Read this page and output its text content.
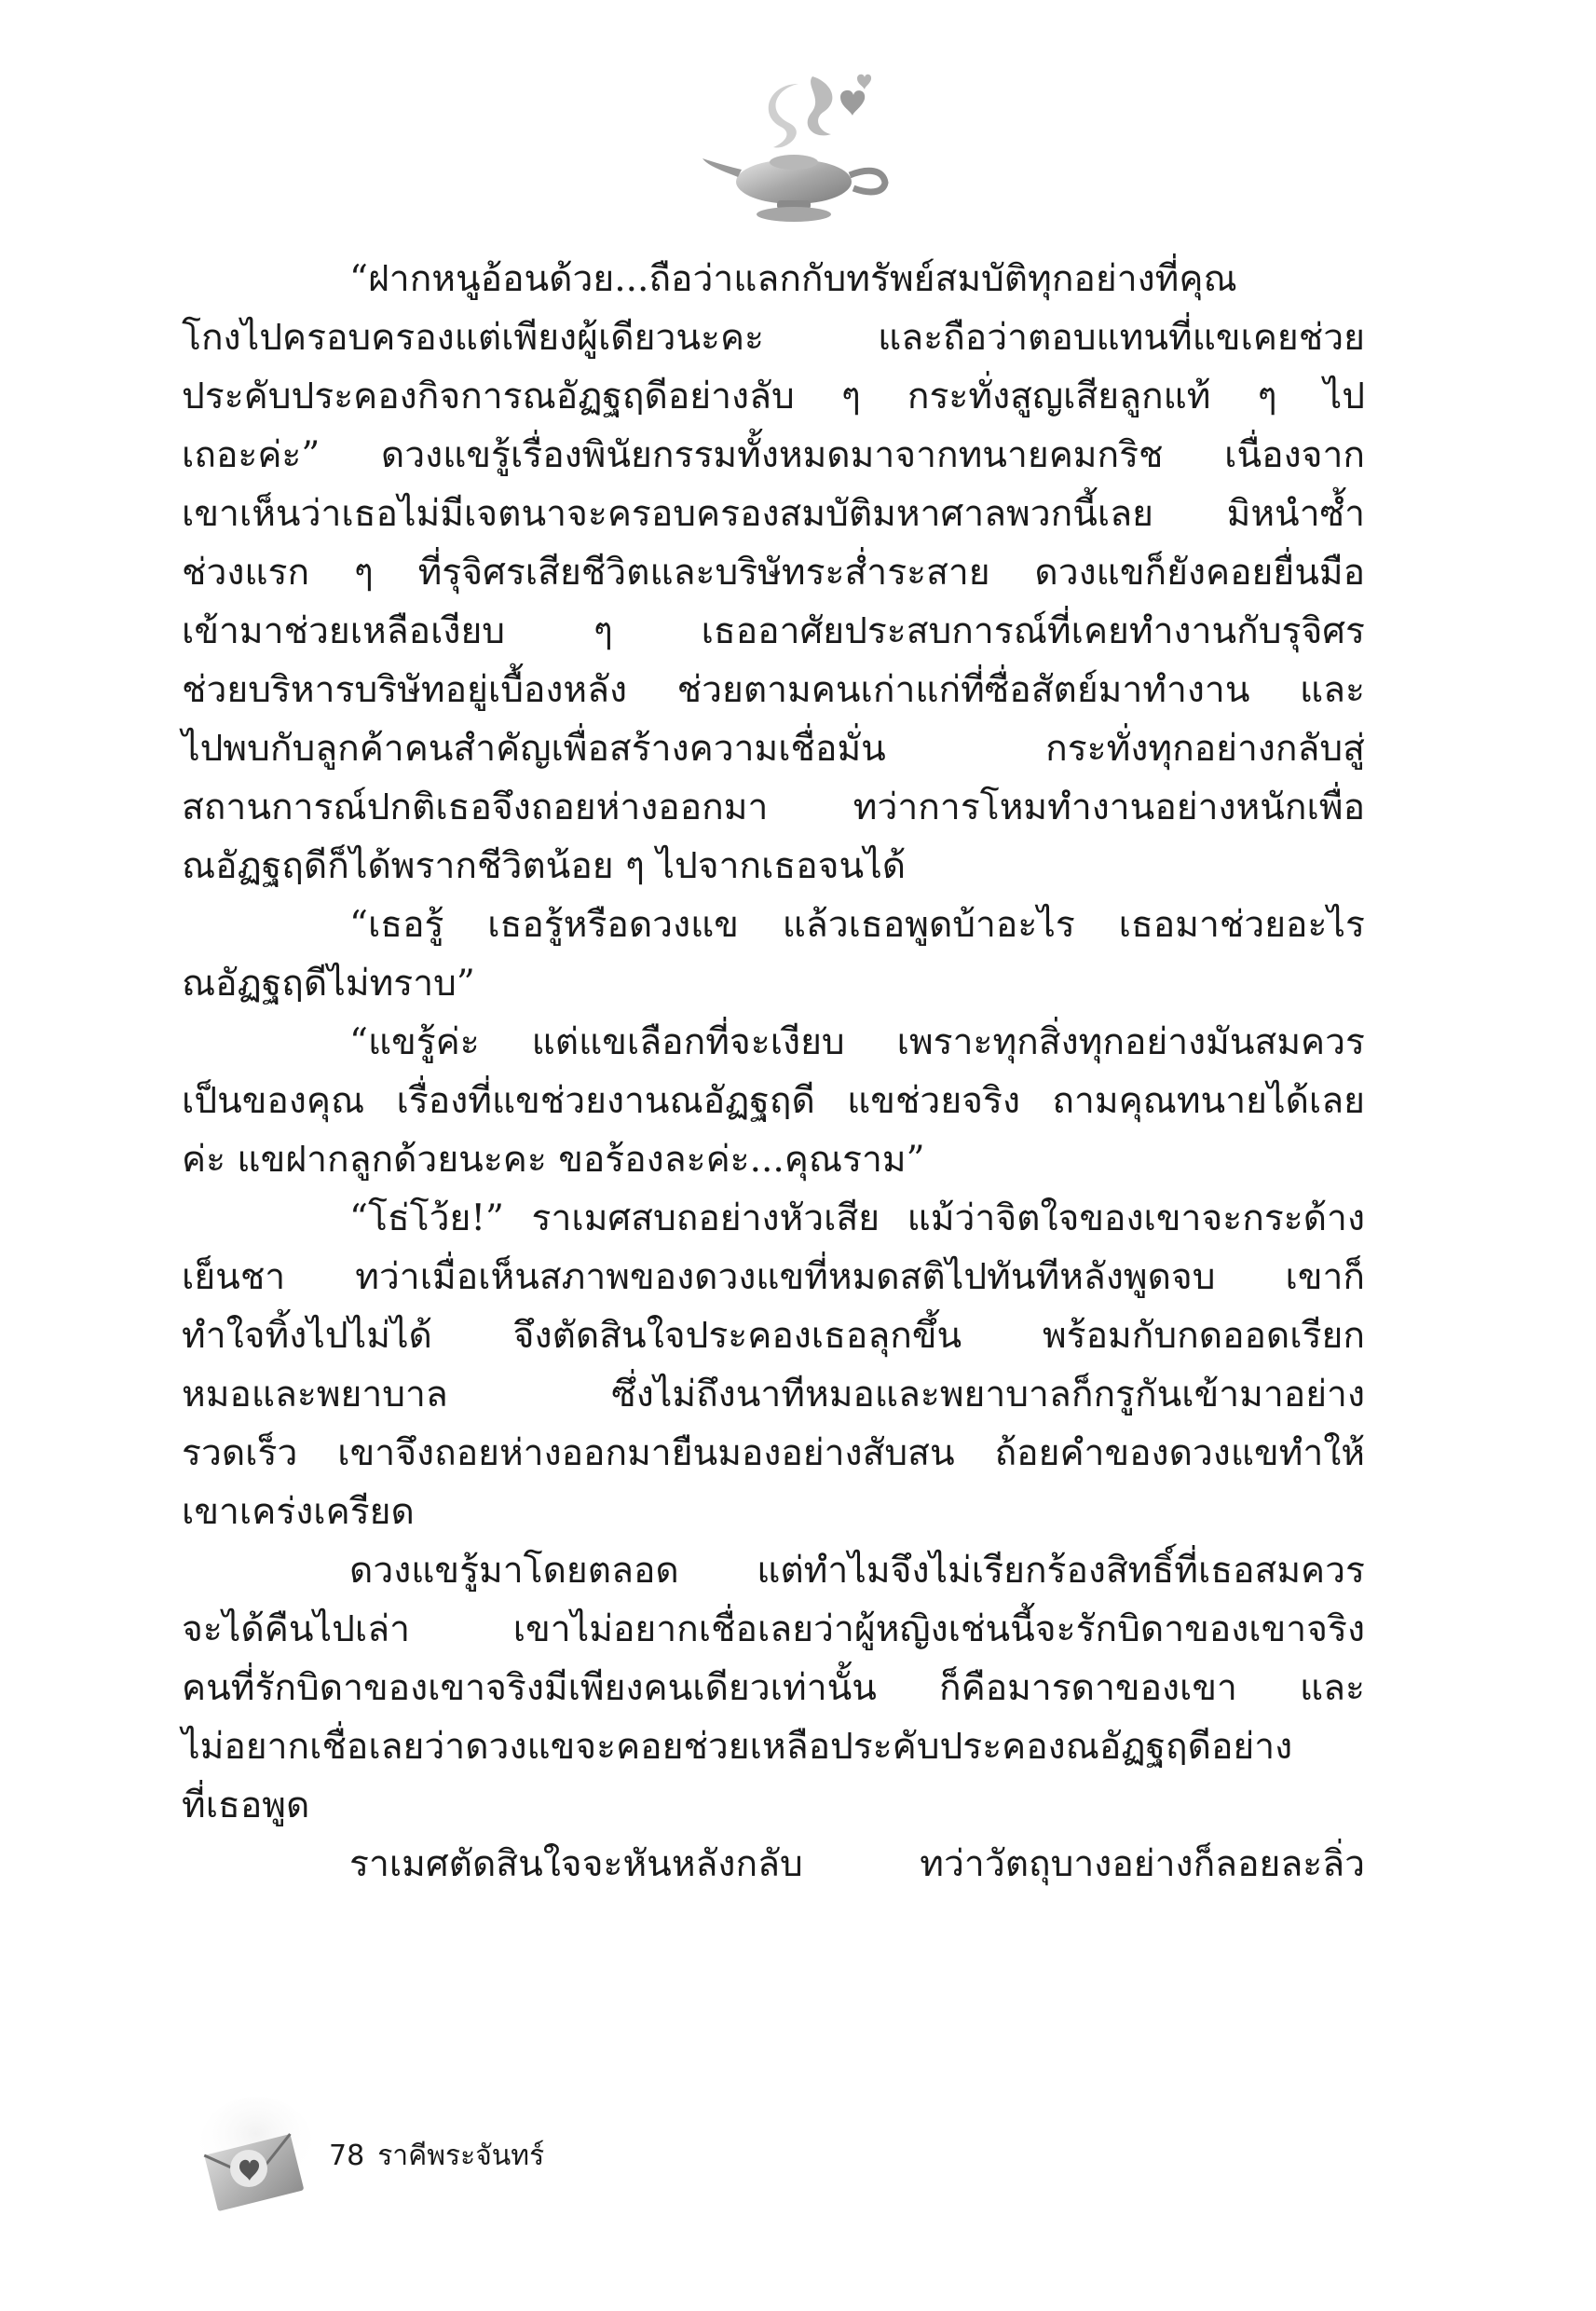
“ฝากหนูอ้อนด้วย...ถือว่าแลกกับทรัพย์สมบัติทุกอย่างที่คุณ
โกงไปครอบครองแต่เพียงผู้เดียวนะคะ และถือว่าตอบแทนที่แขเคยช่วย
ประคับประคองกิจการณอัฏฐฤดีอย่างลับ ๆ กระทั่งสูญเสียลูกแท้ ๆ ไป
เถอะค่ะ” ดวงแขรู้เรื่องพินัยกรรมทั้งหมดมาจากทนายคมกริช เนื่องจาก
เขาเห็นว่าเธอไม่มีเจตนาจะครอบครองสมบัติมหาศาลพวกนี้เลย มิหนำซ้ำ
ช่วงแรก ๆ ที่รุจิศรเสียชีวิตและบริษัทระส่ำระสาย ดวงแขก็ยังคอยยื่นมือ
เข้ามาช่วยเหลือเงียบ ๆ เธออาศัยประสบการณ์ที่เคยทำงานกับรุจิศร
ช่วยบริหารบริษัทอยู่เบื้องหลัง ช่วยตามคนเก่าแก่ที่ซื่อสัตย์มาทำงาน และ
ไปพบกับลูกค้าคนสำคัญเพื่อสร้างความเชื่อมั่น กระทั่งทุกอย่างกลับสู่
สถานการณ์ปกติเธอจึงถอยห่างออกมา ทว่าการโหมทำงานอย่างหนักเพื่อ
ณอัฏฐฤดีก็ได้พรากชีวิตน้อย ๆ ไปจากเธอจนได้
“เธอรู้ เธอรู้หรือดวงแข แล้วเธอพูดบ้าอะไร เธอมาช่วยอะไร
ณอัฏฐฤดีไม่ทราบ”
“แขรู้ค่ะ แต่แขเลือกที่จะเงียบ เพราะทุกสิ่งทุกอย่างมันสมควร
เป็นของคุณ เรื่องที่แขช่วยงานณอัฏฐฤดี แขช่วยจริง ถามคุณทนายได้เลย
ค่ะ แขฝากลูกด้วยนะคะ ขอร้องละค่ะ...คุณราม”
“โธ่โว้ย!” ราเมศสบถอย่างหัวเสีย แม้ว่าจิตใจของเขาจะกระด้าง
เย็นชา ทว่าเมื่อเห็นสภาพของดวงแขที่หมดสติไปทันทีหลังพูดจบ เขาก็
ทำใจทิ้งไปไม่ได้ จึงตัดสินใจประคองเธอลุกขึ้น พร้อมกับกดออดเรียก
หมอและพยาบาล ซึ่งไม่ถึงนาทีหมอและพยาบาลก็กรูกันเข้ามาอย่าง
รวดเร็ว เขาจึงถอยห่างออกมายืนมองอย่างสับสน ถ้อยคำของดวงแขทำให้
เขาเคร่งเครียด
ดวงแขรู้มาโดยตลอด แต่ทำไมจึงไม่เรียกร้องสิทธิ์ที่เธอสมควร
จะได้คืนไปเล่า เขาไม่อยากเชื่อเลยว่าผู้หญิงเช่นนี้จะรักบิดาของเขาจริง
คนที่รักบิดาของเขาจริงมีเพียงคนเดียวเท่านั้น ก็คือมารดาของเขา และ
ไม่อยากเชื่อเลยว่าดวงแขจะคอยช่วยเหลือประคับประคองณอัฏฐฤดีอย่าง
ที่เธอพูด
ราเมศตัดสินใจจะหันหลังกลับ ทว่าวัตถุบางอย่างก็ลอยละลิ่ว
78 ราคีพระจันทร์
